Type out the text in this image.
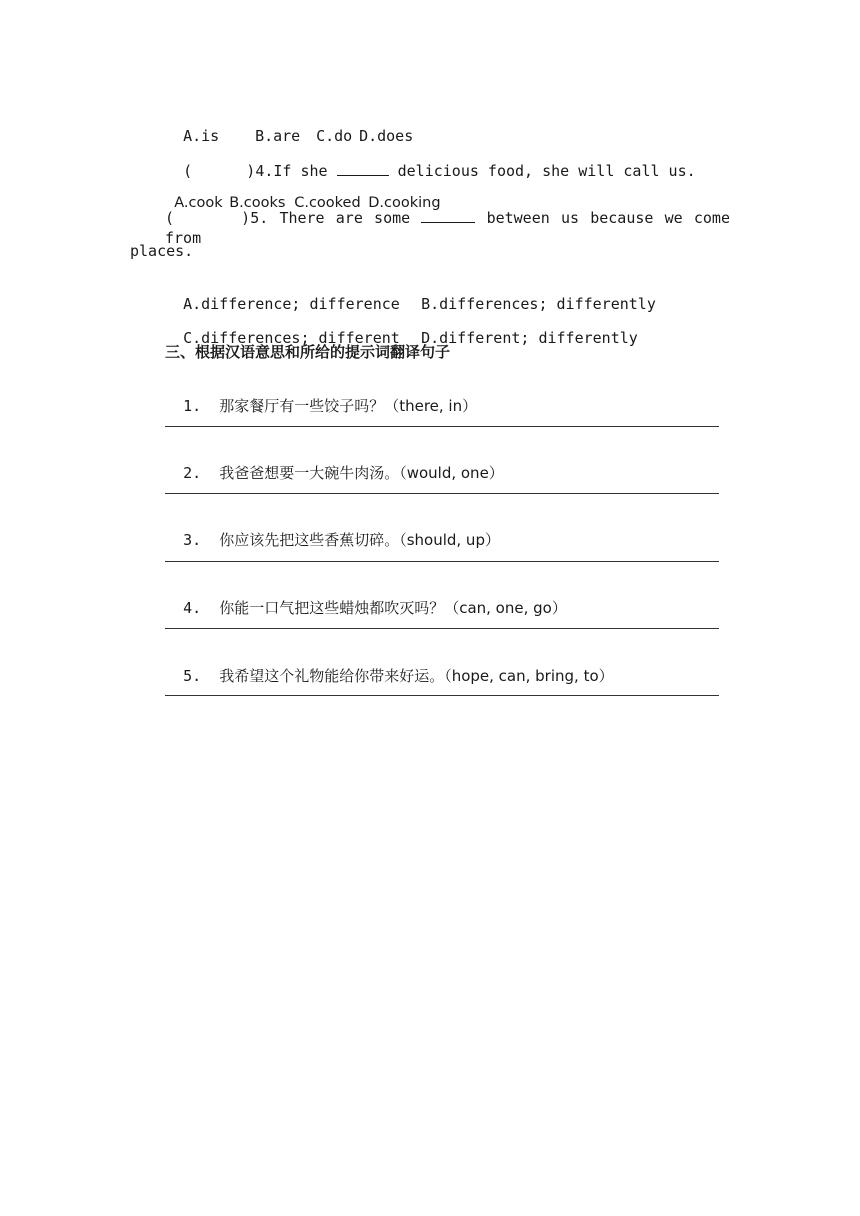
A.is B.are C.do D.does

(      )4.If she	delicious food, she will call us.

A.cook B.cooks C.cooked D.cooking

(      )5. There are some	between us because we come from
places.

A.difference; difference B.differences; differently

C.differences; different D.different; differently

三、根据汉语意思和所给的提示词翻译句子

1. 那家餐厅有一些饺子吗？（there, in）

2. 我爸爸想要一大碗牛肉汤。（would, one）

3. 你应该先把这些香蕉切碎。（should, up）

4. 你能一口气把这些蜡烛都吹灭吗？（can, one, go）

5. 我希望这个礼物能给你带来好运。（hope, can, bring, to）
